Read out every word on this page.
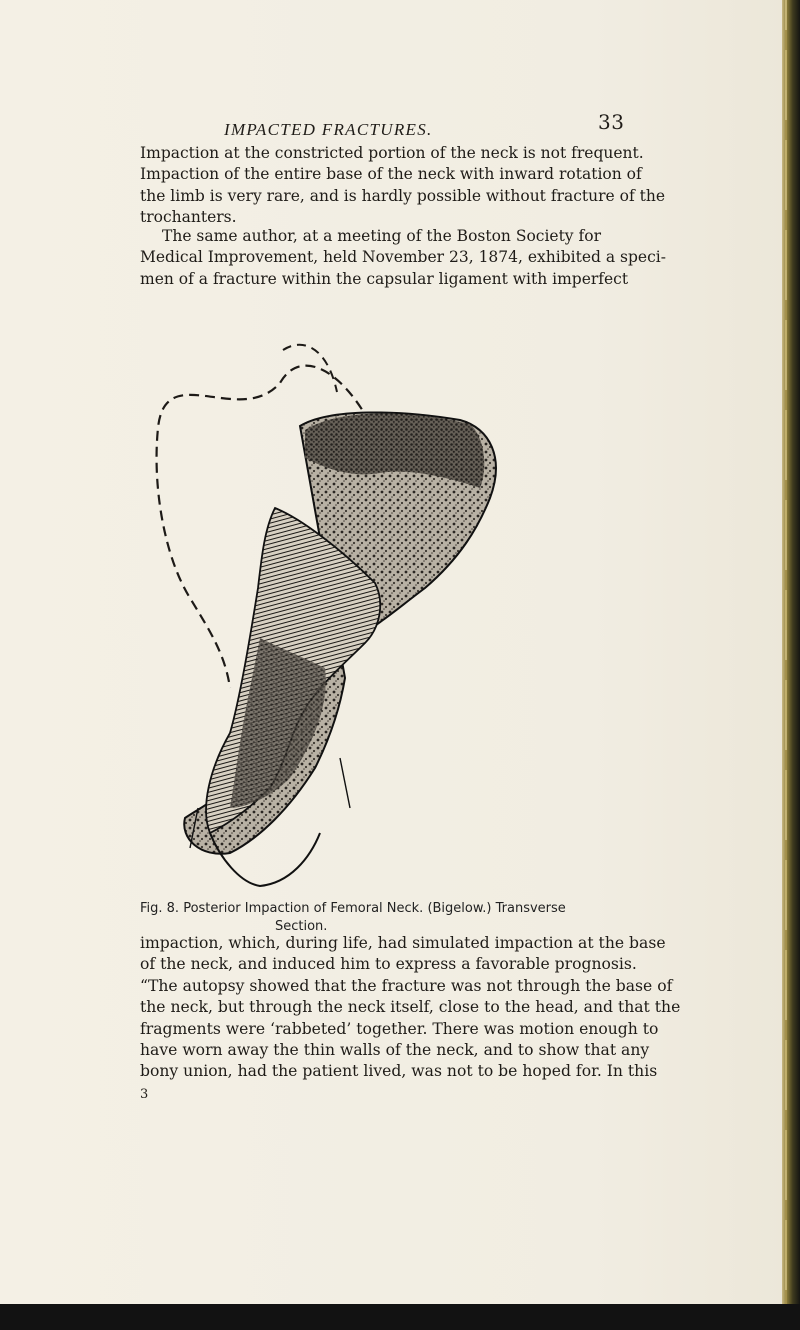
IMPACTED FRACTURES.	33
Impaction at the constricted portion of the neck is not frequent.
Impaction of the entire base of the neck with inward rotation of
the limb is very rare, and is hardly possible without fracture of the
trochanters.
The same author, at a meeting of the Boston Society for
Medical Improvement, held November 23, 1874, exhibited a speci-
men of a fracture within the capsular ligament with imperfect
Fig. 8. Posterior Impaction of Femoral Neck. (Bigelow.) Transverse
Section.
impaction, which, during life, had simulated impaction at the base
of the neck, and induced him to express a favorable prognosis.
“The autopsy showed that the fracture was not through the base of
the neck, but through the neck itself, close to the head, and that the
fragments were ‘rabbeted’ together. There was motion enough to
have worn away the thin walls of the neck, and to show that any
bony union, had the patient lived, was not to be hoped for. In this
3
